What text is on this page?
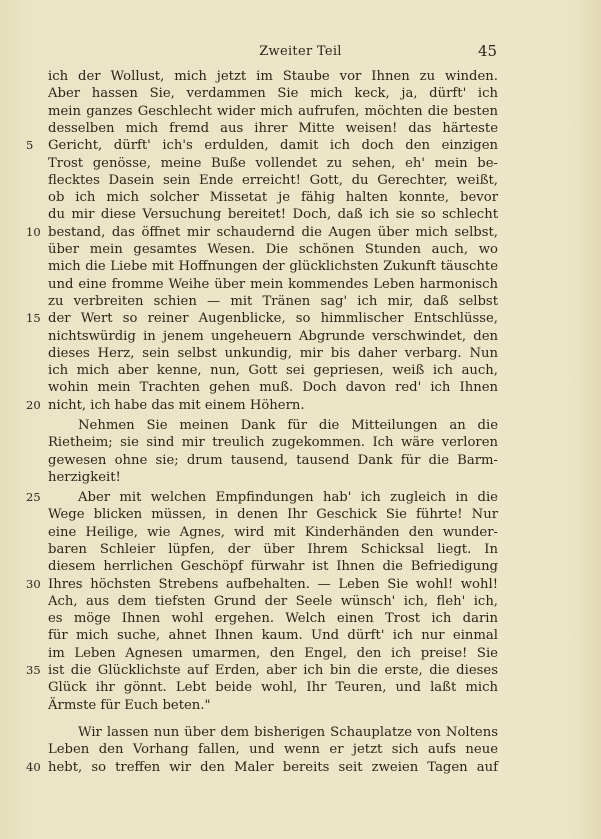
Zweiter Teil	45
ich der Wollust, mich jetzt im Staube vor Ihnen zu winden.
Aber hassen Sie, verdammen Sie mich keck, ja, dürft' ich
mein ganzes Geschlecht wider mich aufrufen, möchten die besten
desselben mich fremd aus ihrer Mitte weisen! das härteste
Gericht, dürft' ich's erdulden, damit ich doch den einzigen
Trost genösse, meine Buße vollendet zu sehen, eh' mein be-
flecktes Dasein sein Ende erreicht! Gott, du Gerechter, weißt,
ob ich mich solcher Missetat je fähig halten konnte, bevor
du mir diese Versuchung bereitet! Doch, daß ich sie so schlecht
bestand, das öffnet mir schaudernd die Augen über mich selbst,
über mein gesamtes Wesen. Die schönen Stunden auch, wo
mich die Liebe mit Hoffnungen der glücklichsten Zukunft täuschte
und eine fromme Weihe über mein kommendes Leben harmonisch
zu verbreiten schien — mit Tränen sag' ich mir, daß selbst
der Wert so reiner Augenblicke, so himmlischer Entschlüsse,
nichtswürdig in jenem ungeheuern Abgrunde verschwindet, den
dieses Herz, sein selbst unkundig, mir bis daher verbarg. Nun
ich mich aber kenne, nun, Gott sei gepriesen, weiß ich auch,
wohin mein Trachten gehen muß. Doch davon red' ich Ihnen
nicht, ich habe das mit einem Höhern.
Nehmen Sie meinen Dank für die Mitteilungen an die
Rietheim; sie sind mir treulich zugekommen. Ich wäre verloren
gewesen ohne sie; drum tausend, tausend Dank für die Barm-
herzigkeit!
Aber mit welchen Empfindungen hab' ich zugleich in die
Wege blicken müssen, in denen Ihr Geschick Sie führte! Nur
eine Heilige, wie Agnes, wird mit Kinderhänden den wunder-
baren Schleier lüpfen, der über Ihrem Schicksal liegt. In
diesem herrlichen Geschöpf fürwahr ist Ihnen die Befriedigung
Ihres höchsten Strebens aufbehalten. — Leben Sie wohl! wohl!
Ach, aus dem tiefsten Grund der Seele wünsch' ich, fleh' ich,
es möge Ihnen wohl ergehen. Welch einen Trost ich darin
für mich suche, ahnet Ihnen kaum. Und dürft' ich nur einmal
im Leben Agnesen umarmen, den Engel, den ich preise! Sie
ist die Glücklichste auf Erden, aber ich bin die erste, die dieses
Glück ihr gönnt. Lebt beide wohl, Ihr Teuren, und laßt mich
Ärmste für Euch beten."
Wir lassen nun über dem bisherigen Schauplatze von Noltens
Leben den Vorhang fallen, und wenn er jetzt sich aufs neue
hebt, so treffen wir den Maler bereits seit zweien Tagen auf
5
10
15
20
25
30
35
40
